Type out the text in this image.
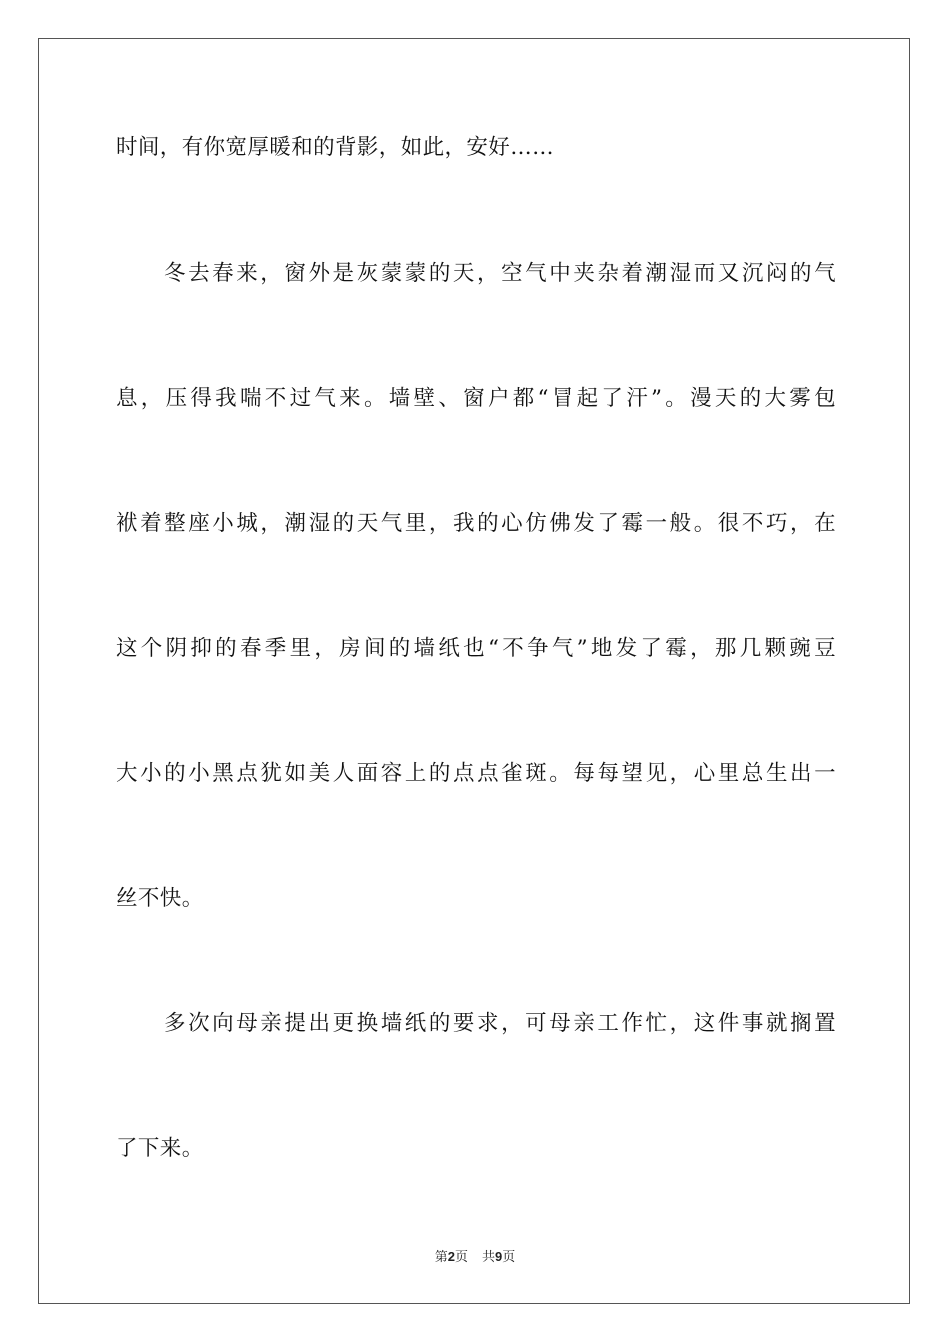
时间，有你宽厚暖和的背影，如此，安好……
冬去春来，窗外是灰蒙蒙的天，空气中夹杂着潮湿而又沉闷的气
息，压得我喘不过气来。墙壁、窗户都“冒起了汗”。漫天的大雾包
袱着整座小城，潮湿的天气里，我的心仿佛发了霉一般。很不巧，在
这个阴抑的春季里，房间的墙纸也“不争气”地发了霉，那几颗豌豆
大小的小黑点犹如美人面容上的点点雀斑。每每望见，心里总生出一
丝不快。
多次向母亲提出更换墙纸的要求，可母亲工作忙，这件事就搁置
了下来。
第2页 共9页
